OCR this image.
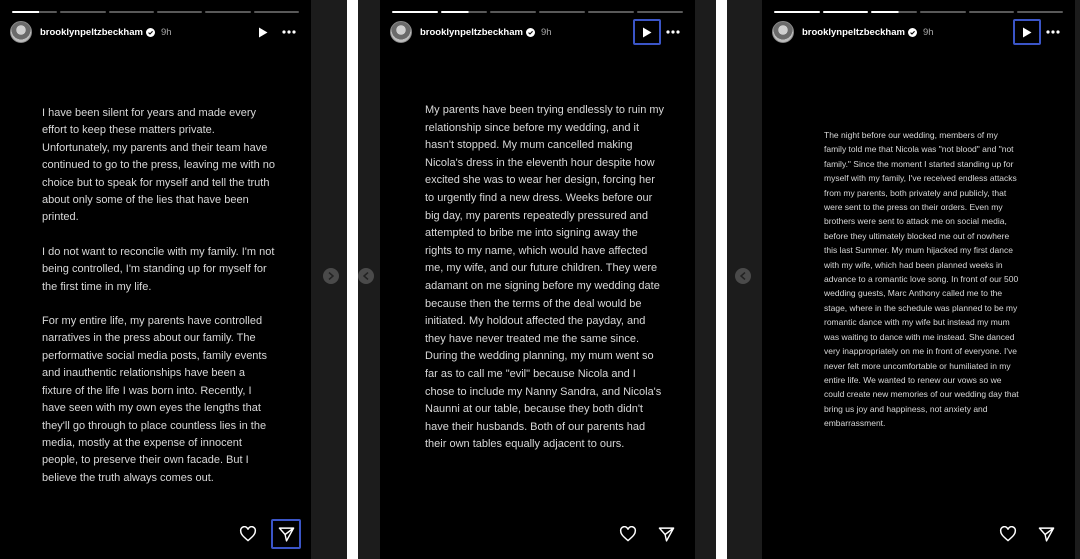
brooklynpeltzbeckham 9h

I have been silent for years and made every effort to keep these matters private. Unfortunately, my parents and their team have continued to go to the press, leaving me with no choice but to speak for myself and tell the truth about only some of the lies that have been printed.

I do not want to reconcile with my family. I'm not being controlled, I'm standing up for myself for the first time in my life.

For my entire life, my parents have controlled narratives in the press about our family. The performative social media posts, family events and inauthentic relationships have been a fixture of the life I was born into. Recently, I have seen with my own eyes the lengths that they'll go through to place countless lies in the media, mostly at the expense of innocent people, to preserve their own facade. But I believe the truth always comes out.

brooklynpeltzbeckham 9h

My parents have been trying endlessly to ruin my relationship since before my wedding, and it hasn't stopped. My mum cancelled making Nicola's dress in the eleventh hour despite how excited she was to wear her design, forcing her to urgently find a new dress. Weeks before our big day, my parents repeatedly pressured and attempted to bribe me into signing away the rights to my name, which would have affected me, my wife, and our future children. They were adamant on me signing before my wedding date because then the terms of the deal would be initiated. My holdout affected the payday, and they have never treated me the same since. During the wedding planning, my mum went so far as to call me "evil" because Nicola and I chose to include my Nanny Sandra, and Nicola's Naunni at our table, because they both didn't have their husbands. Both of our parents had their own tables equally adjacent to ours.

brooklynpeltzbeckham 9h

The night before our wedding, members of my family told me that Nicola was "not blood" and "not family." Since the moment I started standing up for myself with my family, I've received endless attacks from my parents, both privately and publicly, that were sent to the press on their orders. Even my brothers were sent to attack me on social media, before they ultimately blocked me out of nowhere this last Summer. My mum hijacked my first dance with my wife, which had been planned weeks in advance to a romantic love song. In front of our 500 wedding guests, Marc Anthony called me to the stage, where in the schedule was planned to be my romantic dance with my wife but instead my mum was waiting to dance with me instead. She danced very inappropriately on me in front of everyone. I've never felt more uncomfortable or humiliated in my entire life. We wanted to renew our vows so we could create new memories of our wedding day that bring us joy and happiness, not anxiety and embarrassment.
